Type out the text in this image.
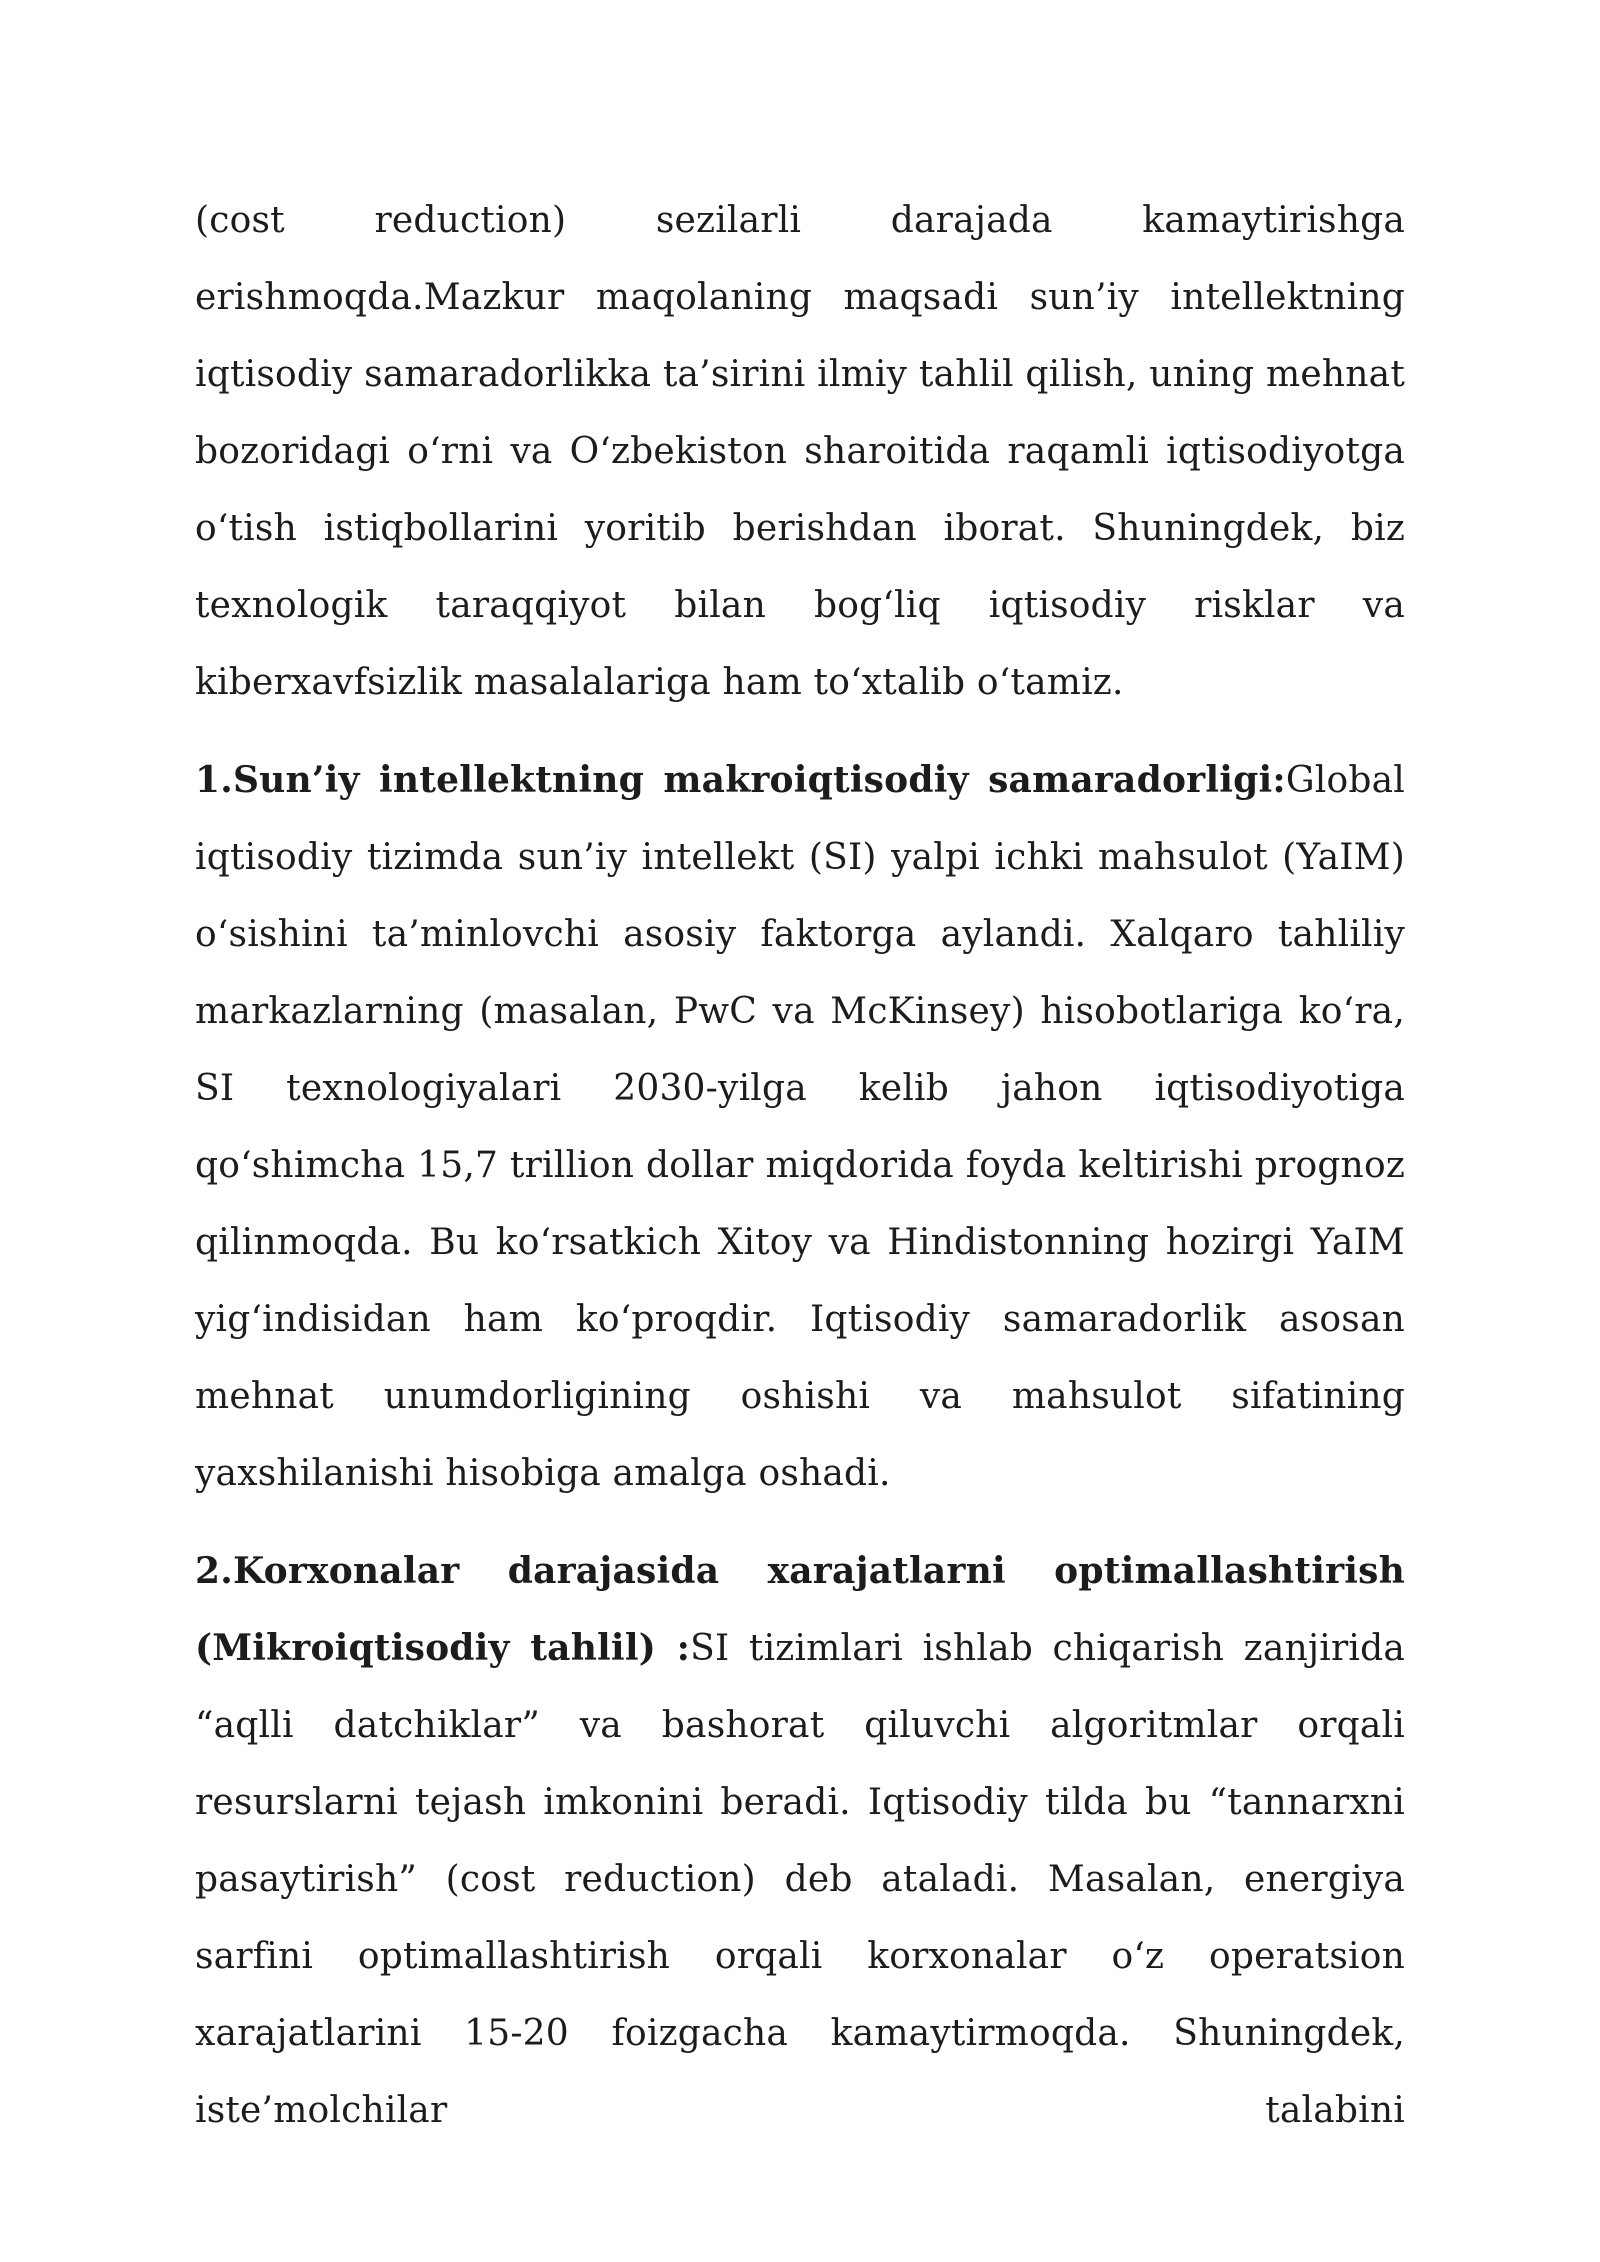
(cost reduction) sezilarli darajada kamaytirishga erishmoqda.Mazkur maqolaning maqsadi sun’iy intellektning iqtisodiy samaradorlikka ta’sirini ilmiy tahlil qilish, uning mehnat bozoridagi o‘rni va O‘zbekiston sharoitida raqamli iqtisodiyotga o‘tish istiqbollarini yoritib berishdan iborat. Shuningdek, biz texnologik taraqqiyot bilan bog‘liq iqtisodiy risklar va kiberxavfsizlik masalalariga ham to‘xtalib o‘tamiz.

1.Sun’iy intellektning makroiqtisodiy samaradorligi:Global iqtisodiy tizimda sun’iy intellekt (SI) yalpi ichki mahsulot (YaIM) o‘sishini ta’minlovchi asosiy faktorga aylandi. Xalqaro tahliliy markazlarning (masalan, PwC va McKinsey) hisobotlariga ko‘ra, SI texnologiyalari 2030-yilga kelib jahon iqtisodiyotiga qo‘shimcha 15,7 trillion dollar miqdorida foyda keltirishi prognoz qilinmoqda. Bu ko‘rsatkich Xitoy va Hindistonning hozirgi YaIM yig‘indisidan ham ko‘proqdir. Iqtisodiy samaradorlik asosan mehnat unumdorligining oshishi va mahsulot sifatining yaxshilanishi hisobiga amalga oshadi.

2.Korxonalar darajasida xarajatlarni optimallashtirish (Mikroiqtisodiy tahlil) :SI tizimlari ishlab chiqarish zanjirida “aqlli datchiklar” va bashorat qiluvchi algoritmlar orqali resurslarni tejash imkonini beradi. Iqtisodiy tilda bu “tannarxni pasaytirish” (cost reduction) deb ataladi. Masalan, energiya sarfini optimallashtirish orqali korxonalar o‘z operatsion xarajatlarini 15-20 foizgacha kamaytirmoqda. Shuningdek, iste’molchilar talabini
